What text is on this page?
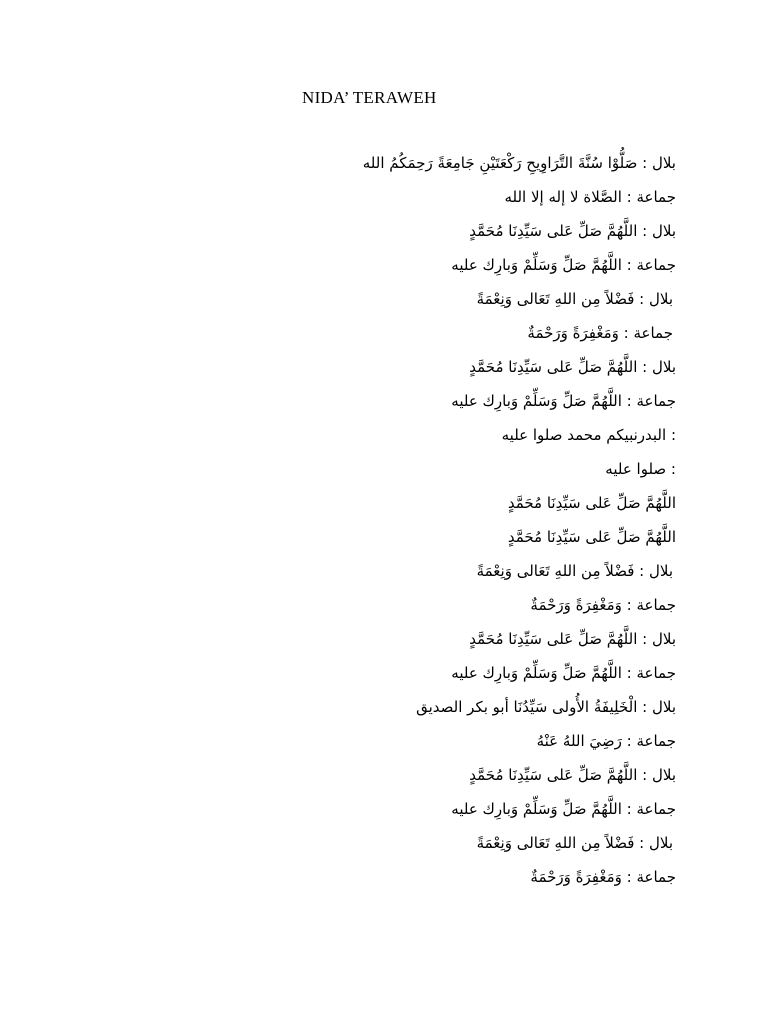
NIDA’ TERAWEH
بلال : صَلُّوْا سُنَّةَ التَّرَاوِيحِ رَكْعَتَيْنِ جَامِعَةً رَحِمَكُمُ الله
جماعة : الصَّلاة لا إله إلا الله
بلال : اللَّهُمَّ صَلِّ عَلى سَيِّدِنَا مُحَمَّدٍ
جماعة : اللَّهُمَّ صَلِّ وَسَلِّمْ وَبارِك عليه
بلال : فَضْلاً مِن اللهِ تَعَالى وَنِعْمَةً
جماعة : وَمَغْفِرَةً وَرَحْمَةٌ
بلال : اللَّهُمَّ صَلِّ عَلى سَيِّدِنَا مُحَمَّدٍ
جماعة : اللَّهُمَّ صَلِّ وَسَلِّمْ وَبارِك عليه
: البدرنبيكم محمد صلوا عليه
: صلوا عليه
اللَّهُمَّ صَلِّ عَلى سَيِّدِنَا مُحَمَّدٍ
اللَّهُمَّ صَلِّ عَلى سَيِّدِنَا مُحَمَّدٍ
بلال : فَضْلاً مِن اللهِ تَعَالى وَنِعْمَةً
جماعة : وَمَغْفِرَةً وَرَحْمَةٌ
بلال : اللَّهُمَّ صَلِّ عَلى سَيِّدِنَا مُحَمَّدٍ
جماعة : اللَّهُمَّ صَلِّ وَسَلِّمْ وَبارِك عليه
بلال : الْخَلِيفَةُ الأُولى سَيِّدُنَا أبو بكر الصديق
جماعة : رَضِيَ اللهُ عَنْهُ
بلال : اللَّهُمَّ صَلِّ عَلى سَيِّدِنَا مُحَمَّدٍ
جماعة : اللَّهُمَّ صَلِّ وَسَلِّمْ وَبارِك عليه
بلال : فَضْلاً مِن اللهِ تَعَالى وَنِعْمَةً
جماعة : وَمَغْفِرَةً وَرَحْمَةٌ
